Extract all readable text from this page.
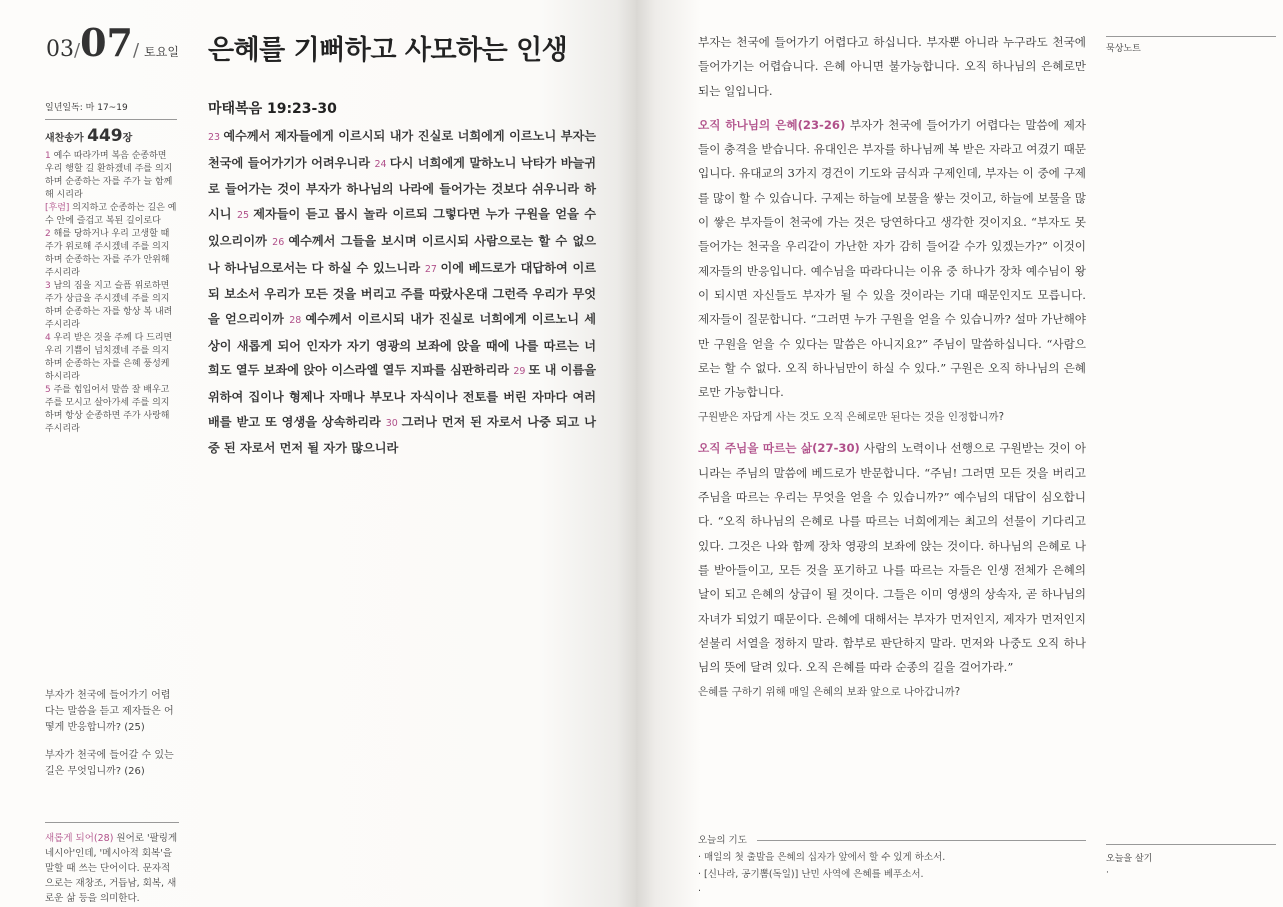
03/07/ 토요일
일년일독: 마 17~19
새찬송가 449장
1 예수 따라가며 복음 순종하면 우리 행할 길 환하겠네 주를 의지하며 순종하는 자를 주가 늘 함께해 시리라
[후렴] 의지하고 순종하는 길은 예수 안에 즐겁고 복된 길이로다
2 해를 당하거나 우리 고생할 때 주가 위로해 주시겠네 주를 의지하며 순종하는 자를 주가 안위해 주시리라
3 남의 짐을 지고 슬픔 위로하면 주가 상급을 주시겠네 주를 의지하며 순종하는 자를 항상 복 내려 주시리라
4 우리 받은 것을 주께 다 드리면 우리 기쁨이 넘치겠네 주를 의지하며 순종하는 자를 은혜 풍성케 하시리라
5 주를 힘입어서 말씀 잘 배우고 주를 모시고 살아가세 주를 의지하며 항상 순종하면 주가 사랑해 주시리라

부자가 천국에 들어가기 어렵다는 말씀을 듣고 제자들은 어떻게 반응합니까? (25)

부자가 천국에 들어갈 수 있는 길은 무엇입니까? (26)

새롭게 되어(28) 원어로 '팔링게네시아'인데, '메시아적 회복'을 말할 때 쓰는 단어이다. 문자적으로는 재창조, 거듭남, 회복, 새로운 삶 등을 의미한다.
은혜를 기뻐하고 사모하는 인생
마태복음 19:23-30
23 예수께서 제자들에게 이르시되 내가 진실로 너희에게 이르노니 부자는 천국에 들어가기가 어려우니라 24 다시 너희에게 말하노니 낙타가 바늘귀로 들어가는 것이 부자가 하나님의 나라에 들어가는 것보다 쉬우니라 하시니 25 제자들이 듣고 몹시 놀라 이르되 그렇다면 누가 구원을 얻을 수 있으리이까 26 예수께서 그들을 보시며 이르시되 사람으로는 할 수 없으나 하나님으로서는 다 하실 수 있느니라 27 이에 베드로가 대답하여 이르되 보소서 우리가 모든 것을 버리고 주를 따랐사온대 그런즉 우리가 무엇을 얻으리이까 28 예수께서 이르시되 내가 진실로 너희에게 이르노니 세상이 새롭게 되어 인자가 자기 영광의 보좌에 앉을 때에 나를 따르는 너희도 열두 보좌에 앉아 이스라엘 열두 지파를 심판하리라 29 또 내 이름을 위하여 집이나 형제나 자매나 부모나 자식이나 전토를 버린 자마다 여러 배를 받고 또 영생을 상속하리라 30 그러나 먼저 된 자로서 나중 되고 나중 된 자로서 먼저 될 자가 많으니라

부자는 천국에 들어가기 어렵다고 하십니다. 부자뿐 아니라 누구라도 천국에 들어가기는 어렵습니다. 은혜 아니면 불가능합니다. 오직 하나님의 은혜로만 되는 일입니다.

오직 하나님의 은혜(23-26) 부자가 천국에 들어가기 어렵다는 말씀에 제자들이 충격을 받습니다. 유대인은 부자를 하나님께 복 받은 자라고 여겼기 때문입니다. 유대교의 3가지 경건이 기도와 금식과 구제인데, 부자는 이 중에 구제를 많이 할 수 있습니다. 구제는 하늘에 보물을 쌓는 것이고, 하늘에 보물을 많이 쌓은 부자들이 천국에 가는 것은 당연하다고 생각한 것이지요. “부자도 못 들어가는 천국을 우리같이 가난한 자가 감히 들어갈 수가 있겠는가?” 이것이 제자들의 반응입니다. 예수님을 따라다니는 이유 중 하나가 장차 예수님이 왕이 되시면 자신들도 부자가 될 수 있을 것이라는 기대 때문인지도 모릅니다. 제자들이 질문합니다. “그러면 누가 구원을 얻을 수 있습니까? 설마 가난해야만 구원을 얻을 수 있다는 말씀은 아니지요?” 주님이 말씀하십니다. “사람으로는 할 수 없다. 오직 하나님만이 하실 수 있다.” 구원은 오직 하나님의 은혜로만 가능합니다.

구원받은 자답게 사는 것도 오직 은혜로만 된다는 것을 인정합니까?

오직 주님을 따르는 삶(27-30) 사람의 노력이나 선행으로 구원받는 것이 아니라는 주님의 말씀에 베드로가 반문합니다. “주님! 그러면 모든 것을 버리고 주님을 따르는 우리는 무엇을 얻을 수 있습니까?” 예수님의 대답이 심오합니다. “오직 하나님의 은혜로 나를 따르는 너희에게는 최고의 선물이 기다리고 있다. 그것은 나와 함께 장차 영광의 보좌에 앉는 것이다. 하나님의 은혜로 나를 받아들이고, 모든 것을 포기하고 나를 따르는 자들은 인생 전체가 은혜의 날이 되고 은혜의 상급이 될 것이다. 그들은 이미 영생의 상속자, 곧 하나님의 자녀가 되었기 때문이다. 은혜에 대해서는 부자가 먼저인지, 제자가 먼저인지 섣불리 서열을 정하지 말라. 함부로 판단하지 말라. 먼저와 나중도 오직 하나님의 뜻에 달려 있다. 오직 은혜를 따라 순종의 길을 걸어가라.”

은혜를 구하기 위해 매일 은혜의 보좌 앞으로 나아갑니까?

묵상노트
오늘의 기도
· 매일의 첫 출발을 은혜의 십자가 앞에서 할 수 있게 하소서.
· [신나라, 공기뽐(독일)] 난민 사역에 은혜를 베푸소서.
·
오늘을 살기
·
